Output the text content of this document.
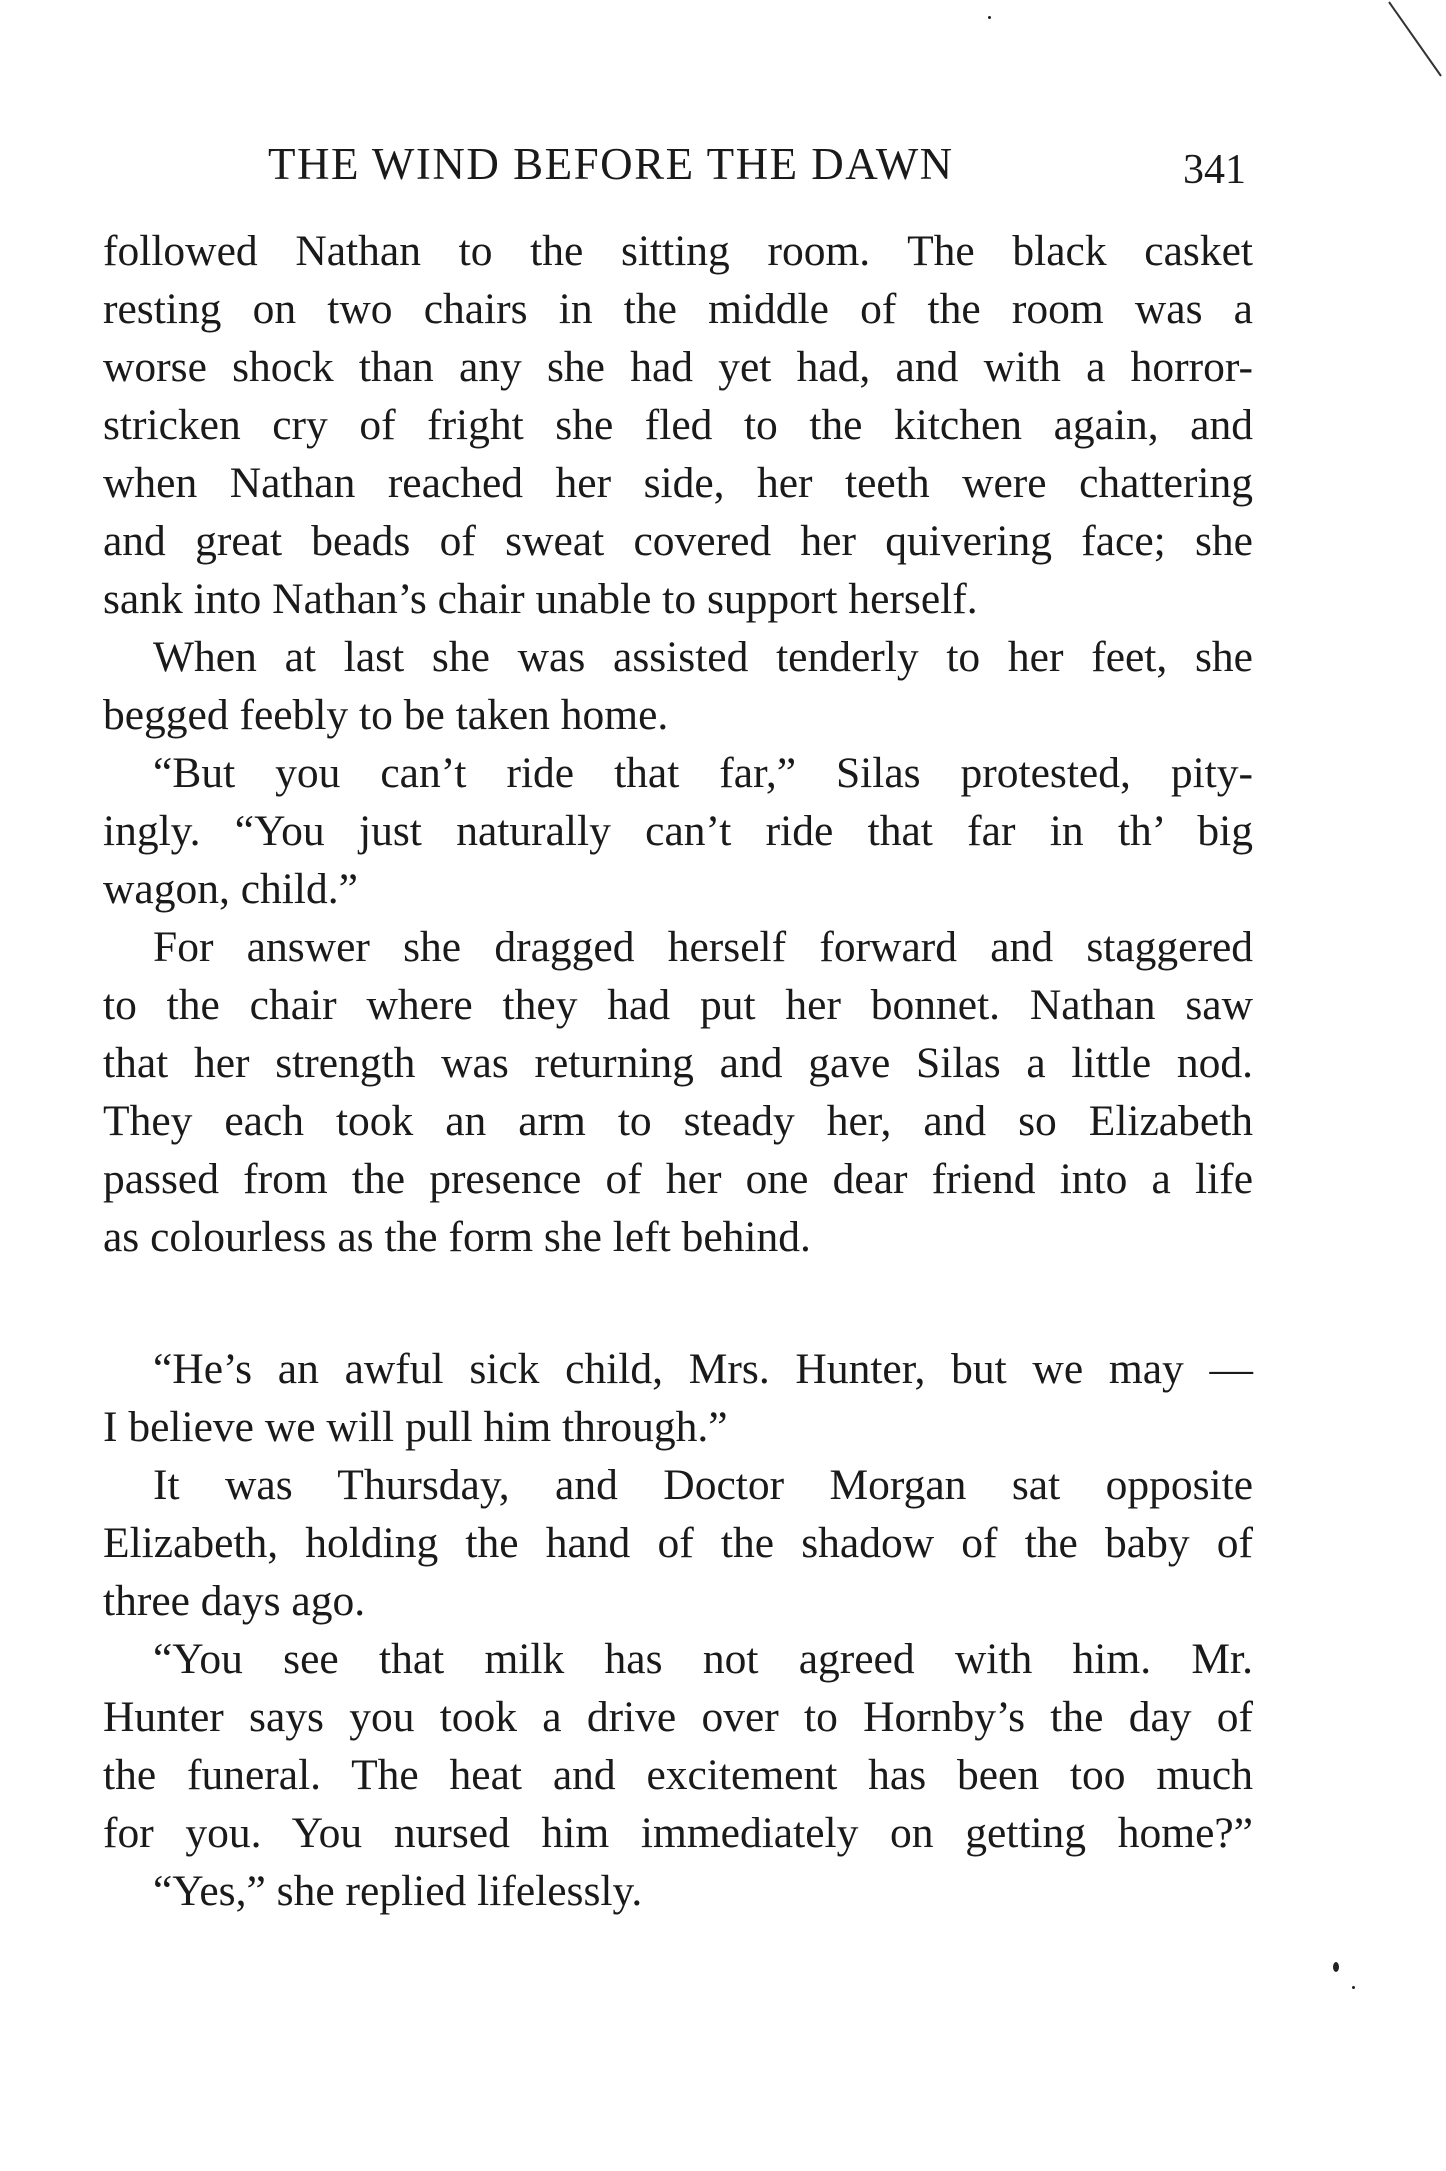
THE WIND BEFORE THE DAWN	341
followed Nathan to the sitting room. The black casket
resting on two chairs in the middle of the room was a
worse shock than any she had yet had, and with a horror-
stricken cry of fright she fled to the kitchen again, and
when Nathan reached her side, her teeth were chattering
and great beads of sweat covered her quivering face; she
sank into Nathan’s chair unable to support herself.
When at last she was assisted tenderly to her feet, she
begged feebly to be taken home.
“But you can’t ride that far,” Silas protested, pity-
ingly. “You just naturally can’t ride that far in th’ big
wagon, child.”
For answer she dragged herself forward and staggered
to the chair where they had put her bonnet. Nathan saw
that her strength was returning and gave Silas a little nod.
They each took an arm to steady her, and so Elizabeth
passed from the presence of her one dear friend into a life
as colourless as the form she left behind.
“He’s an awful sick child, Mrs. Hunter, but we may —
I believe we will pull him through.”
It was Thursday, and Doctor Morgan sat opposite
Elizabeth, holding the hand of the shadow of the baby of
three days ago.
“You see that milk has not agreed with him. Mr.
Hunter says you took a drive over to Hornby’s the day of
the funeral. The heat and excitement has been too much
for you. You nursed him immediately on getting home?”
“Yes,” she replied lifelessly.
